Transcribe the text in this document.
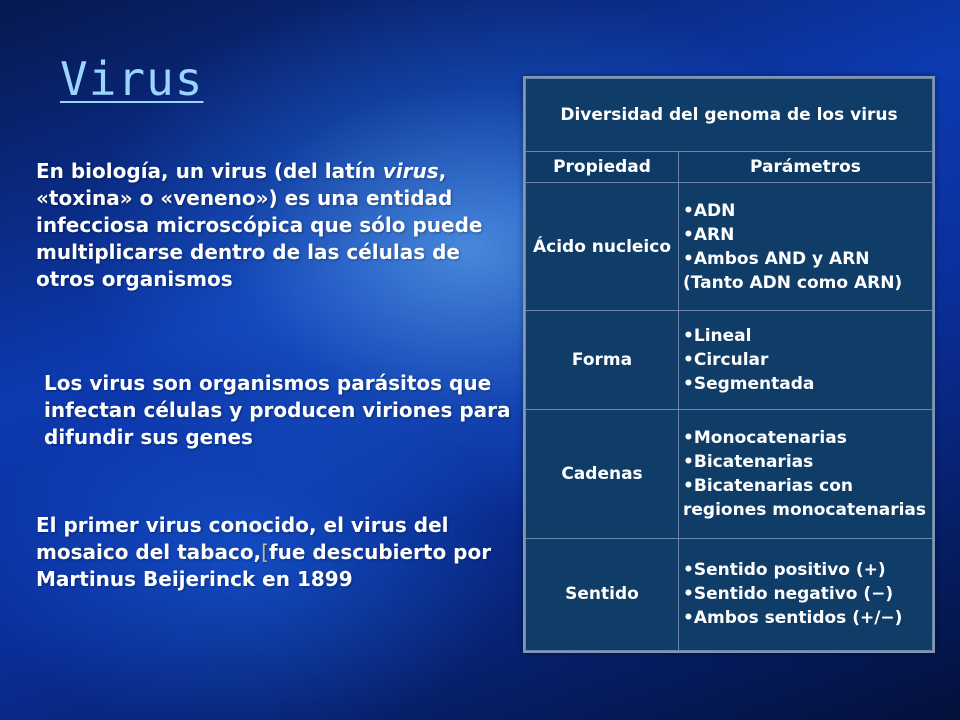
Virus
En biología, un virus (del latín virus, «toxina» o «veneno») es una entidad infecciosa microscópica que sólo puede multiplicarse dentro de las células de otros organismos
Los virus son organismos parásitos que infectan células y producen viriones para difundir sus genes
El primer virus conocido, el virus del mosaico del tabaco,[fue descubierto por Martinus Beijerinck en 1899
Diversidad del genoma de los virus	
Propiedad	Parámetros
Ácido nucleico	•ADN
•ARN
•Ambos AND y ARN (Tanto ADN como ARN)

Forma	•Lineal
•Circular
•Segmentada

Cadenas	•Monocatenarias
•Bicatenarias
•Bicatenarias con regiones monocatenarias

Sentido	•Sentido positivo (+)
•Sentido negativo (−)
•Ambos sentidos (+/−)
